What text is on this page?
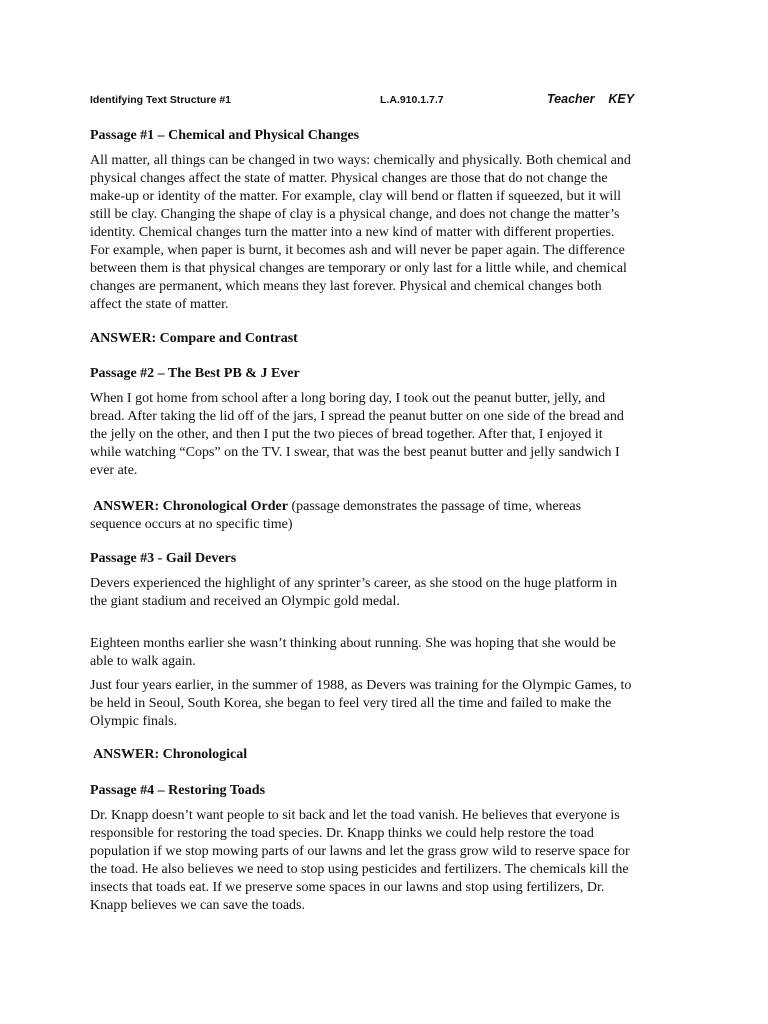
Identifying Text Structure #1	L.A.910.1.7.7	Teacher    KEY
Passage #1 – Chemical and Physical Changes
All matter, all things can be changed in two ways: chemically and physically. Both chemical and
physical changes affect the state of matter. Physical changes are those that do not change the
make-up or identity of the matter. For example, clay will bend or flatten if squeezed, but it will
still be clay. Changing the shape of clay is a physical change, and does not change the matter’s
identity. Chemical changes turn the matter into a new kind of matter with different properties.
For example, when paper is burnt, it becomes ash and will never be paper again. The difference
between them is that physical changes are temporary or only last for a little while, and chemical
changes are permanent, which means they last forever. Physical and chemical changes both
affect the state of matter.
ANSWER: Compare and Contrast
Passage #2 – The Best PB & J Ever
When I got home from school after a long boring day, I took out the peanut butter, jelly, and
bread. After taking the lid off of the jars, I spread the peanut butter on one side of the bread and
the jelly on the other, and then I put the two pieces of bread together. After that, I enjoyed it
while watching “Cops” on the TV. I swear, that was the best peanut butter and jelly sandwich I
ever ate.
ANSWER: Chronological Order (passage demonstrates the passage of time, whereas
sequence occurs at no specific time)
Passage #3 - Gail Devers
Devers experienced the highlight of any sprinter’s career, as she stood on the huge platform in
the giant stadium and received an Olympic gold medal.
Eighteen months earlier she wasn’t thinking about running. She was hoping that she would be
able to walk again.
Just four years earlier, in the summer of 1988, as Devers was training for the Olympic Games, to
be held in Seoul, South Korea, she began to feel very tired all the time and failed to make the
Olympic finals.
ANSWER: Chronological
Passage #4 – Restoring Toads
Dr. Knapp doesn’t want people to sit back and let the toad vanish. He believes that everyone is
responsible for restoring the toad species. Dr. Knapp thinks we could help restore the toad
population if we stop mowing parts of our lawns and let the grass grow wild to reserve space for
the toad. He also believes we need to stop using pesticides and fertilizers. The chemicals kill the
insects that toads eat. If we preserve some spaces in our lawns and stop using fertilizers, Dr.
Knapp believes we can save the toads.
